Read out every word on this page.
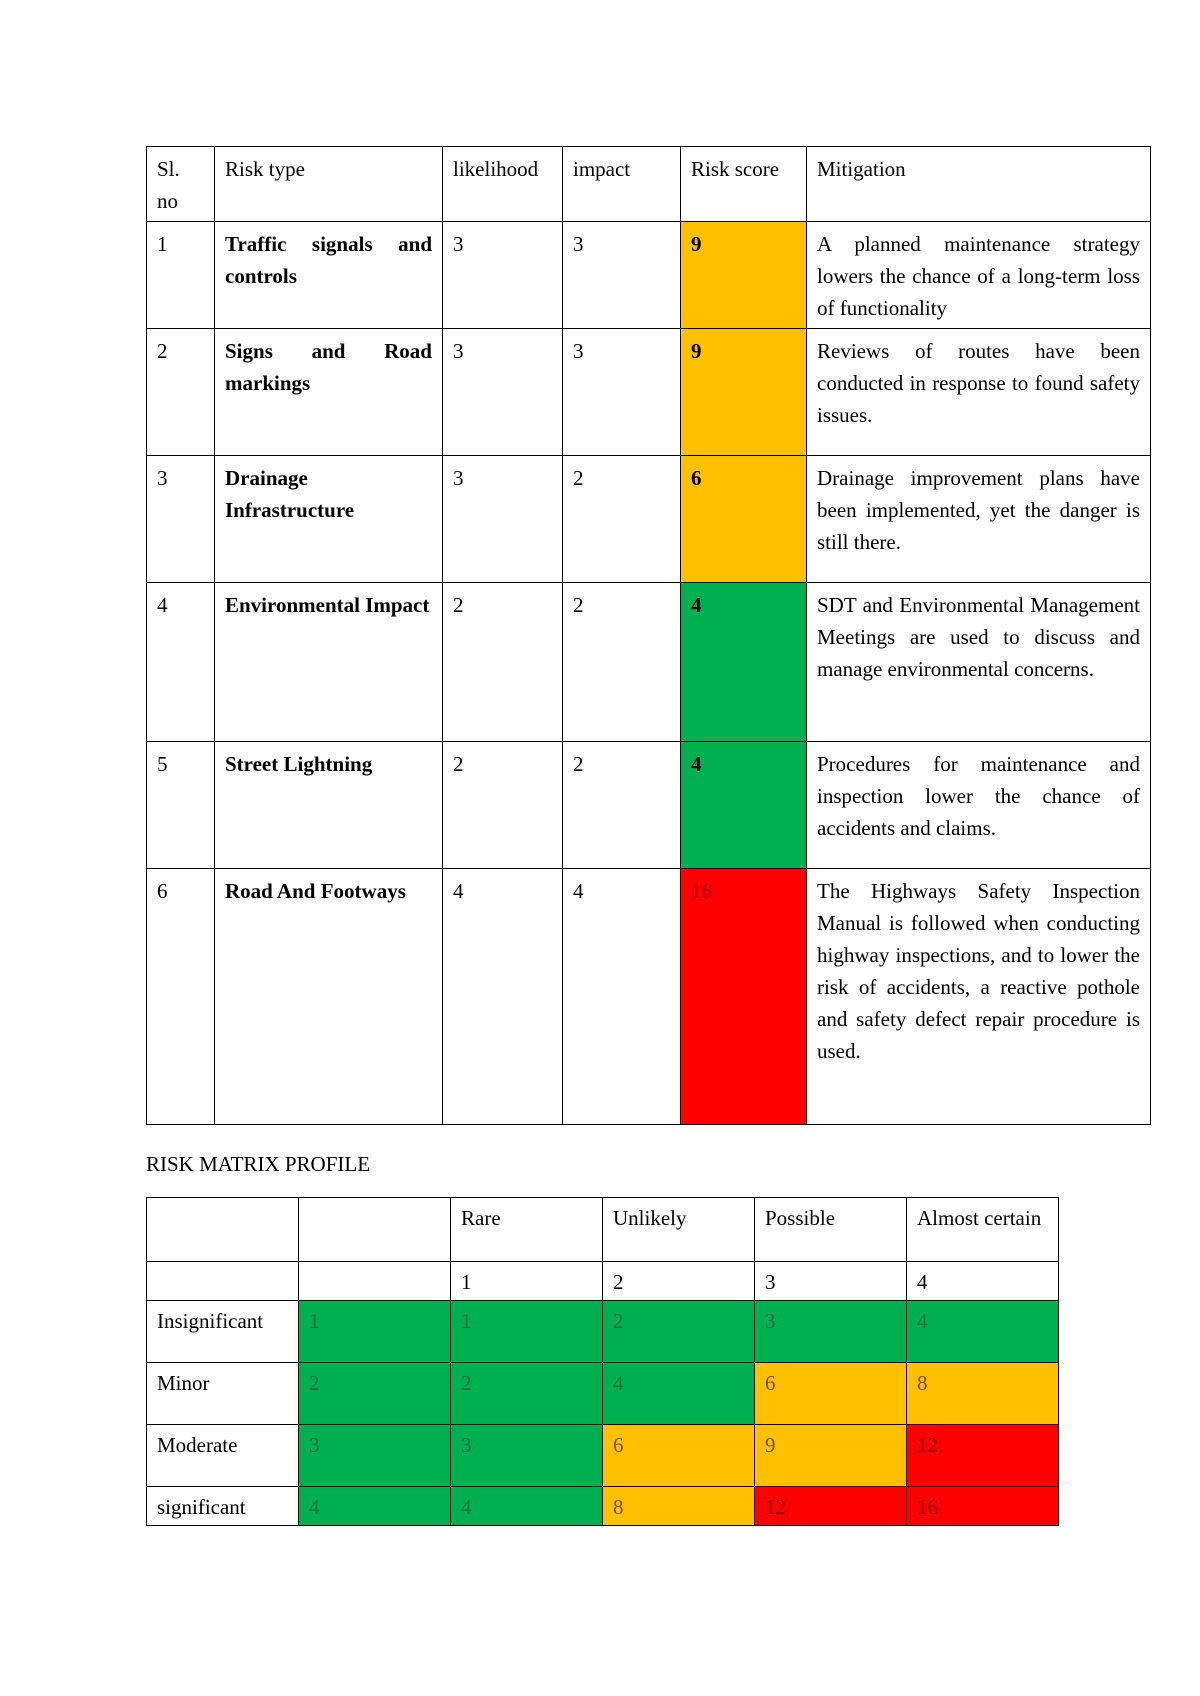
Sl. no	Risk type	likelihood	impact	Risk score	Mitigation
1	Traffic signals and controls	3	3	9	A planned maintenance strategy lowers the chance of a long-term loss of functionality
2	Signs and Road markings	3	3	9	Reviews of routes have been conducted in response to found safety issues.
3	Drainage Infrastructure	3	2	6	Drainage improvement plans have been implemented, yet the danger is still there.
4	Environmental Impact	2	2	4	SDT and Environmental Management Meetings are used to discuss and manage environmental concerns.
5	Street Lightning	2	2	4	Procedures for maintenance and inspection lower the chance of accidents and claims.
6	Road And Footways	4	4	16	The Highways Safety Inspection Manual is followed when conducting highway inspections, and to lower the risk of accidents, a reactive pothole and safety defect repair procedure is used.
RISK MATRIX PROFILE
		Rare	Unlikely	Possible	Almost certain
		1	2	3	4
Insignificant	1	1	2	3	4
Minor	2	2	4	6	8
Moderate	3	3	6	9	12
significant	4	4	8	12	16
